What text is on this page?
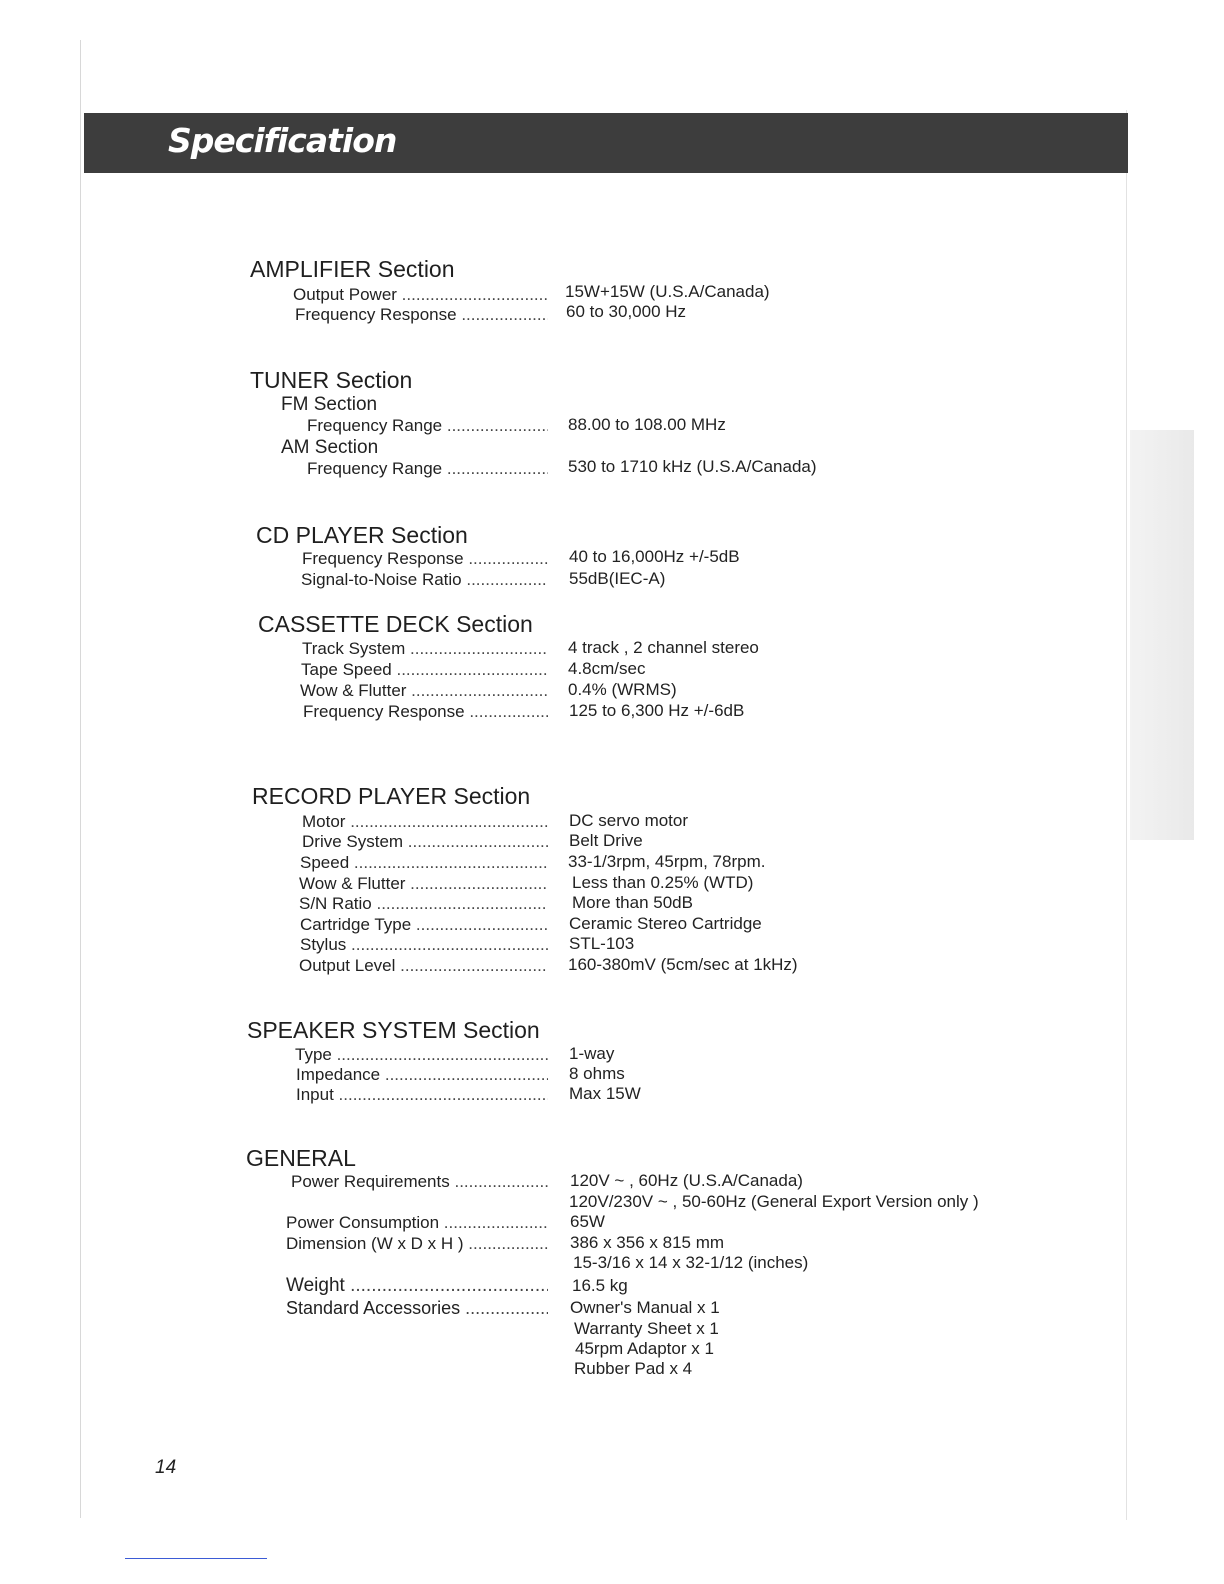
Specification
AMPLIFIER Section
Output Power .....	15W+15W (U.S.A/Canada)
Frequency Response .....	60 to 30,000 Hz
TUNER Section
FM Section
Frequency Range .....	88.00 to 108.00 MHz
AM Section
Frequency Range .....	530 to 1710 kHz (U.S.A/Canada)
CD PLAYER Section
Frequency Response .....	40 to 16,000Hz +/-5dB
Signal-to-Noise Ratio .....	55dB(IEC-A)
CASSETTE DECK Section
Track System .....	4 track , 2 channel stereo
Tape Speed .....	4.8cm/sec
Wow & Flutter .....	0.4% (WRMS)
Frequency Response .....	125 to 6,300 Hz +/-6dB
RECORD PLAYER Section
Motor .....	DC servo motor
Drive System .....	Belt Drive
Speed .....	33-1/3rpm, 45rpm, 78rpm.
Wow & Flutter .....	Less than 0.25% (WTD)
S/N Ratio .....	More than 50dB
Cartridge Type .....	Ceramic Stereo Cartridge
Stylus .....	STL-103
Output Level .....	160-380mV (5cm/sec at 1kHz)
SPEAKER SYSTEM Section
Type .....	1-way
Impedance .....	8 ohms
Input .....	Max 15W
GENERAL
Power Requirements .....	120V ~ , 60Hz (U.S.A/Canada)
120V/230V ~ , 50-60Hz (General Export Version only )
Power Consumption .....	65W
Dimension (W x D x H ) .....	386 x 356 x 815 mm
15-3/16 x 14 x 32-1/12 (inches)
Weight .....	16.5 kg
Standard Accessories .....	Owner's Manual x 1
Warranty Sheet x 1
45rpm Adaptor x 1
Rubber Pad x 4
14
